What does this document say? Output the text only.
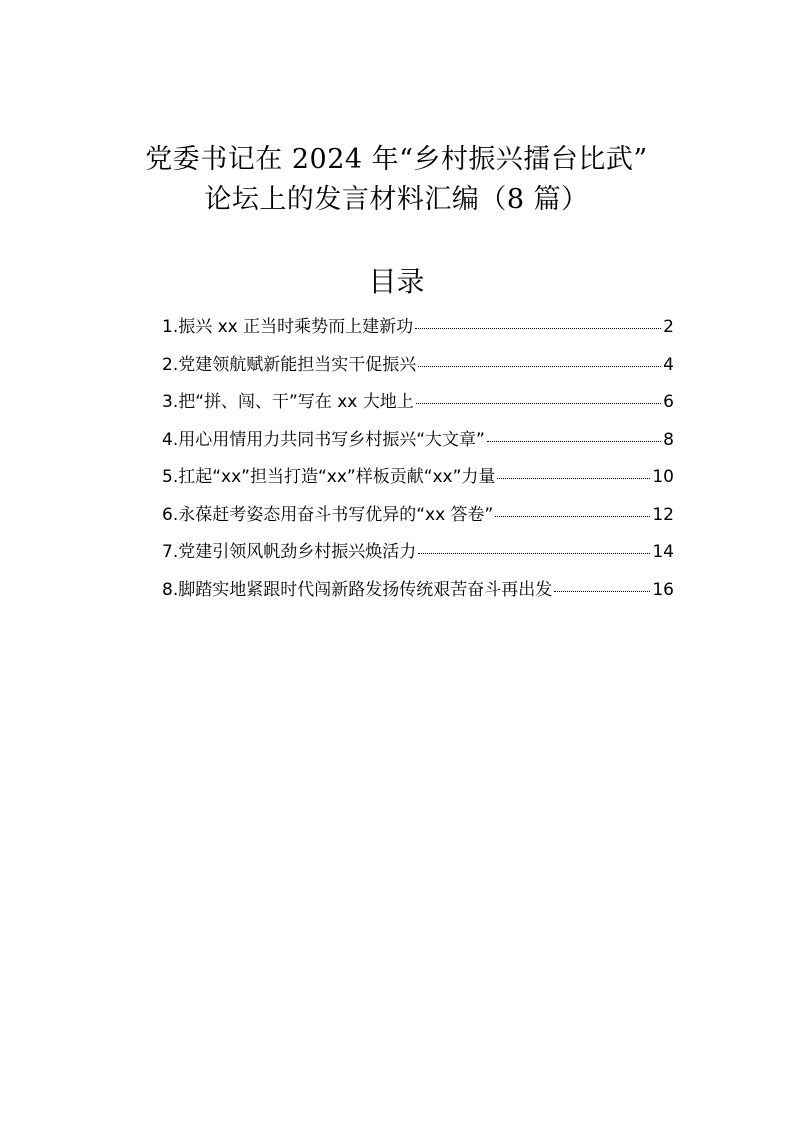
党委书记在 2024 年“乡村振兴擂台比武”
论坛上的发言材料汇编（8 篇）
目录
1.振兴 xx 正当时乘势而上建新功	2
2.党建领航赋新能担当实干促振兴	4
3.把“拼、闯、干”写在 xx 大地上	6
4.用心用情用力共同书写乡村振兴“大文章”	8
5.扛起“xx”担当打造“xx”样板贡献“xx”力量	10
6.永葆赶考姿态用奋斗书写优异的“xx 答卷”	12
7.党建引领风帆劲乡村振兴焕活力	14
8.脚踏实地紧跟时代闯新路发扬传统艰苦奋斗再出发	16
